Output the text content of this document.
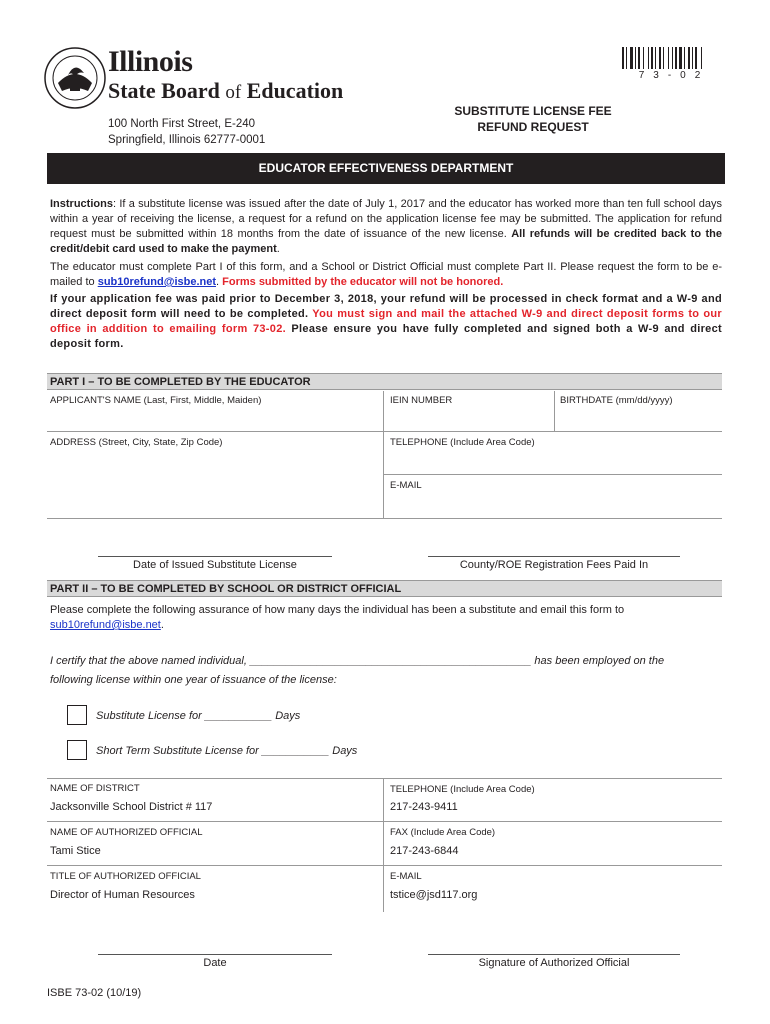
Illinois
State Board of Education
100 North First Street, E-240
Springfield, Illinois 62777-0001
73-02
SUBSTITUTE LICENSE FEE
REFUND REQUEST
EDUCATOR EFFECTIVENESS DEPARTMENT
Instructions: If a substitute license was issued after the date of July 1, 2017 and the educator has worked more than ten full school days within a year of receiving the license, a request for a refund on the application license fee may be submitted. The application for refund request must be submitted within 18 months from the date of issuance of the new license. All refunds will be credited back to the credit/debit card used to make the payment.
The educator must complete Part I of this form, and a School or District Official must complete Part II. Please request the form to be e-mailed to sub10refund@isbe.net. Forms submitted by the educator will not be honored.
If your application fee was paid prior to December 3, 2018, your refund will be processed in check format and a W-9 and direct deposit form will need to be completed. You must sign and mail the attached W-9 and direct deposit forms to our office in addition to emailing form 73-02. Please ensure you have fully completed and signed both a W-9 and direct deposit form.
PART I – TO BE COMPLETED BY THE EDUCATOR
APPLICANT'S NAME (Last, First, Middle, Maiden)	IEIN NUMBER	BIRTHDATE (mm/dd/yyyy)
ADDRESS (Street, City, State, Zip Code)	TELEPHONE (Include Area Code)
E-MAIL
Date of Issued Substitute License	County/ROE Registration Fees Paid In
PART II – TO BE COMPLETED BY SCHOOL OR DISTRICT OFFICIAL
Please complete the following assurance of how many days the individual has been a substitute and email this form to sub10refund@isbe.net.
I certify that the above named individual, ______________________________________________ has been employed on the
following license within one year of issuance of the license:
Substitute License for ___________ Days
Short Term Substitute License for ___________ Days
NAME OF DISTRICT	TELEPHONE (Include Area Code)
Jacksonville School District # 117	217-243-9411
NAME OF AUTHORIZED OFFICIAL	FAX (Include Area Code)
Tami Stice	217-243-6844
TITLE OF AUTHORIZED OFFICIAL	E-MAIL
Director of Human Resources	tstice@jsd117.org
Date	Signature of Authorized Official
ISBE 73-02 (10/19)
